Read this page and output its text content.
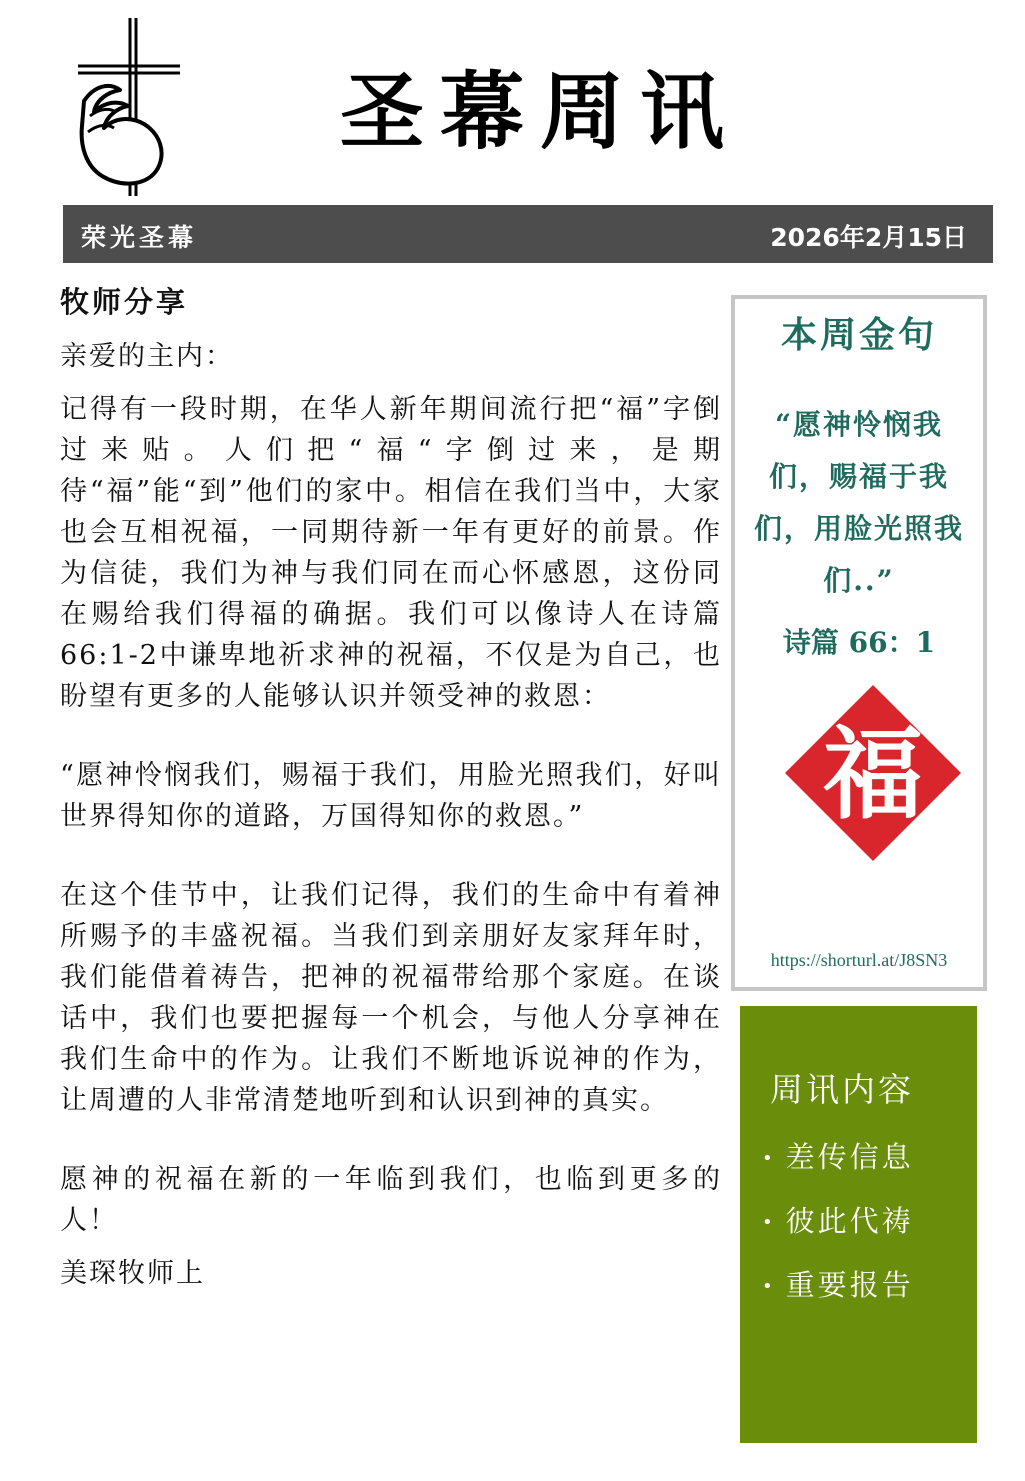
圣幕周讯
荣光圣幕	2026年2月15日
牧师分享

亲爱的主内：

记得有一段时期，在华人新年期间流行把“福”字倒过来贴。人们把“福“字倒过来，是期待“福”能“到”他们的家中。相信在我们当中，大家也会互相祝福，一同期待新一年有更好的前景。作为信徒，我们为神与我们同在而心怀感恩，这份同在赐给我们得福的确据。我们可以像诗人在诗篇66:1-2中谦卑地祈求神的祝福，不仅是为自己，也盼望有更多的人能够认识并领受神的救恩：

“愿神怜悯我们，赐福于我们，用脸光照我们，好叫世界得知你的道路，万国得知你的救恩。”

在这个佳节中，让我们记得，我们的生命中有着神所赐予的丰盛祝福。当我们到亲朋好友家拜年时，我们能借着祷告，把神的祝福带给那个家庭。在谈话中，我们也要把握每一个机会，与他人分享神在我们生命中的作为。让我们不断地诉说神的作为，让周遭的人非常清楚地听到和认识到神的真实。

愿神的祝福在新的一年临到我们，也临到更多的人！

美琛牧师上

本周金句
“愿神怜悯我们，赐福于我们，用脸光照我们..”
诗篇 66：1
福
https://shorturl.at/J8SN3
周讯内容
• 差传信息
• 彼此代祷
• 重要报告
